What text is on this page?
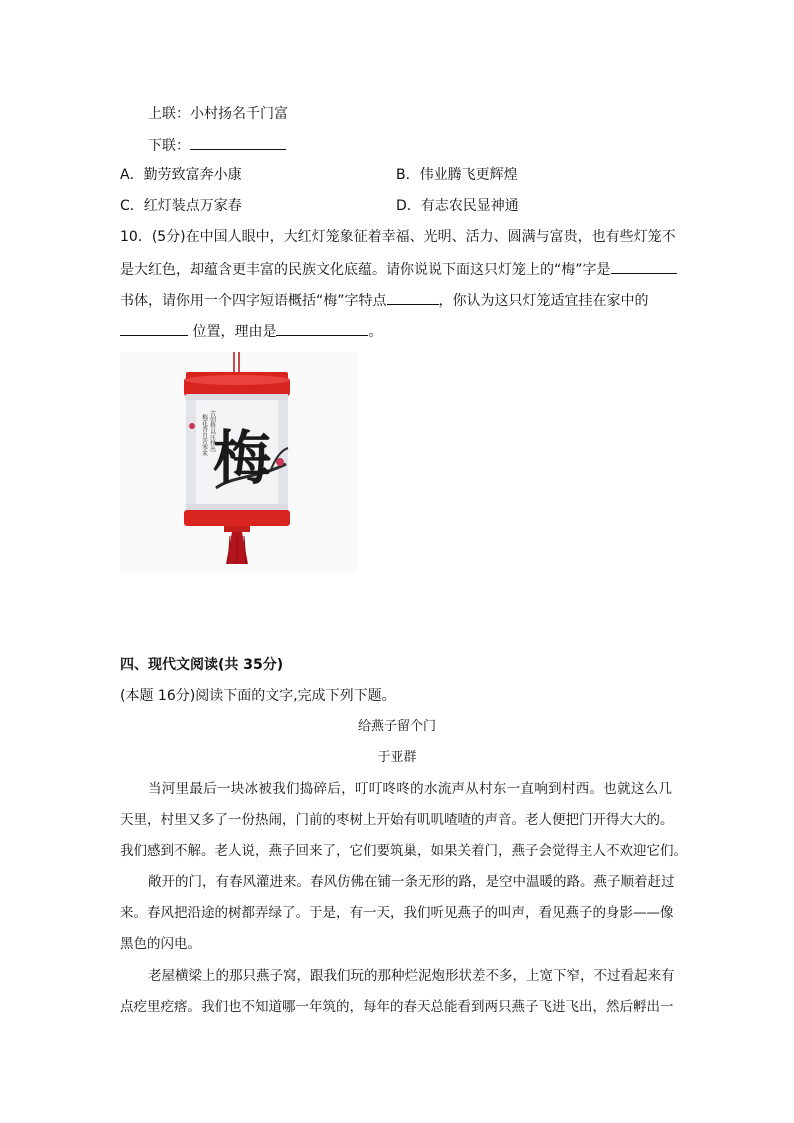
上联：小村扬名千门富
下联：
A．勤劳致富奔小康	B．伟业腾飞更辉煌
C．红灯装点万家春	D．有志农民显神通
10．(5分)在中国人眼中，大红灯笼象征着幸福、光明、活力、圆满与富贵，也有些灯笼不
是大红色，却蕴含更丰富的民族文化底蕴。请你说说下面这只灯笼上的“梅”字是
书体，请你用一个四字短语概括“梅”字特点	，你认为这只灯笼适宜挂在家中的
位置，理由是	。
梅
古创格以庄样出
梅花香自苦寒来
四、现代文阅读(共 35分)
(本题 16分)阅读下面的文字,完成下列下题。
给燕子留个门
于亚群
当河里最后一块冰被我们捣碎后，叮叮咚咚的水流声从村东一直响到村西。也就这么几
天里，村里又多了一份热闹，门前的枣树上开始有叽叽喳喳的声音。老人便把门开得大大的。
我们感到不解。老人说，燕子回来了，它们要筑巢，如果关着门，燕子会觉得主人不欢迎它们。
敞开的门，有春风灌进来。春风仿佛在铺一条无形的路，是空中温暖的路。燕子顺着赶过
来。春风把沿途的树都弄绿了。于是，有一天，我们听见燕子的叫声，看见燕子的身影——像
黑色的闪电。
老屋横梁上的那只燕子窝，跟我们玩的那种烂泥炮形状差不多，上宽下窄，不过看起来有
点疙里疙瘩。我们也不知道哪一年筑的，每年的春天总能看到两只燕子飞进飞出，然后孵出一
